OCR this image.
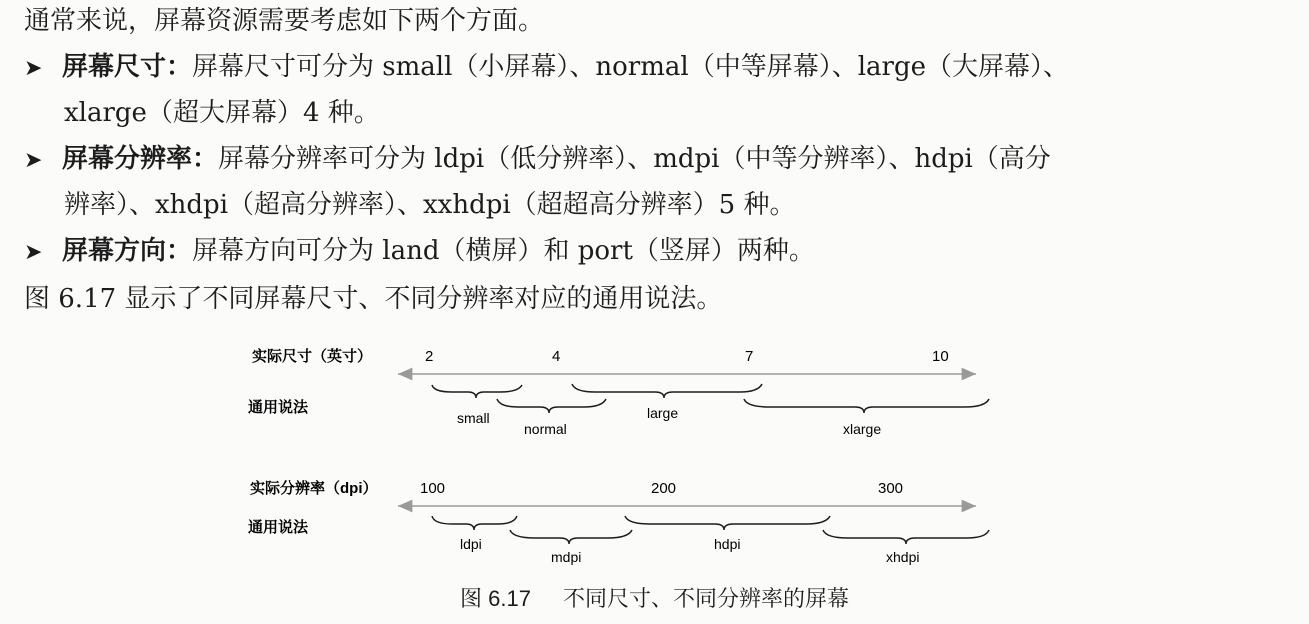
通常来说，屏幕资源需要考虑如下两个方面。
➤ 屏幕尺寸：屏幕尺寸可分为 small（小屏幕）、normal（中等屏幕）、large（大屏幕）、
xlarge（超大屏幕）4 种。
➤ 屏幕分辨率：屏幕分辨率可分为 ldpi（低分辨率）、mdpi（中等分辨率）、hdpi（高分
辨率）、xhdpi（超高分辨率）、xxhdpi（超超高分辨率）5 种。
➤ 屏幕方向：屏幕方向可分为 land（横屏）和 port（竖屏）两种。
图 6.17 显示了不同屏幕尺寸、不同分辨率对应的通用说法。
实际尺寸（英寸）	2	4	7	10
通用说法
small
normal
large
xlarge
实际分辨率（dpi）	100	200	300
通用说法
ldpi
mdpi
hdpi
xhdpi
图 6.17 不同尺寸、不同分辨率的屏幕
